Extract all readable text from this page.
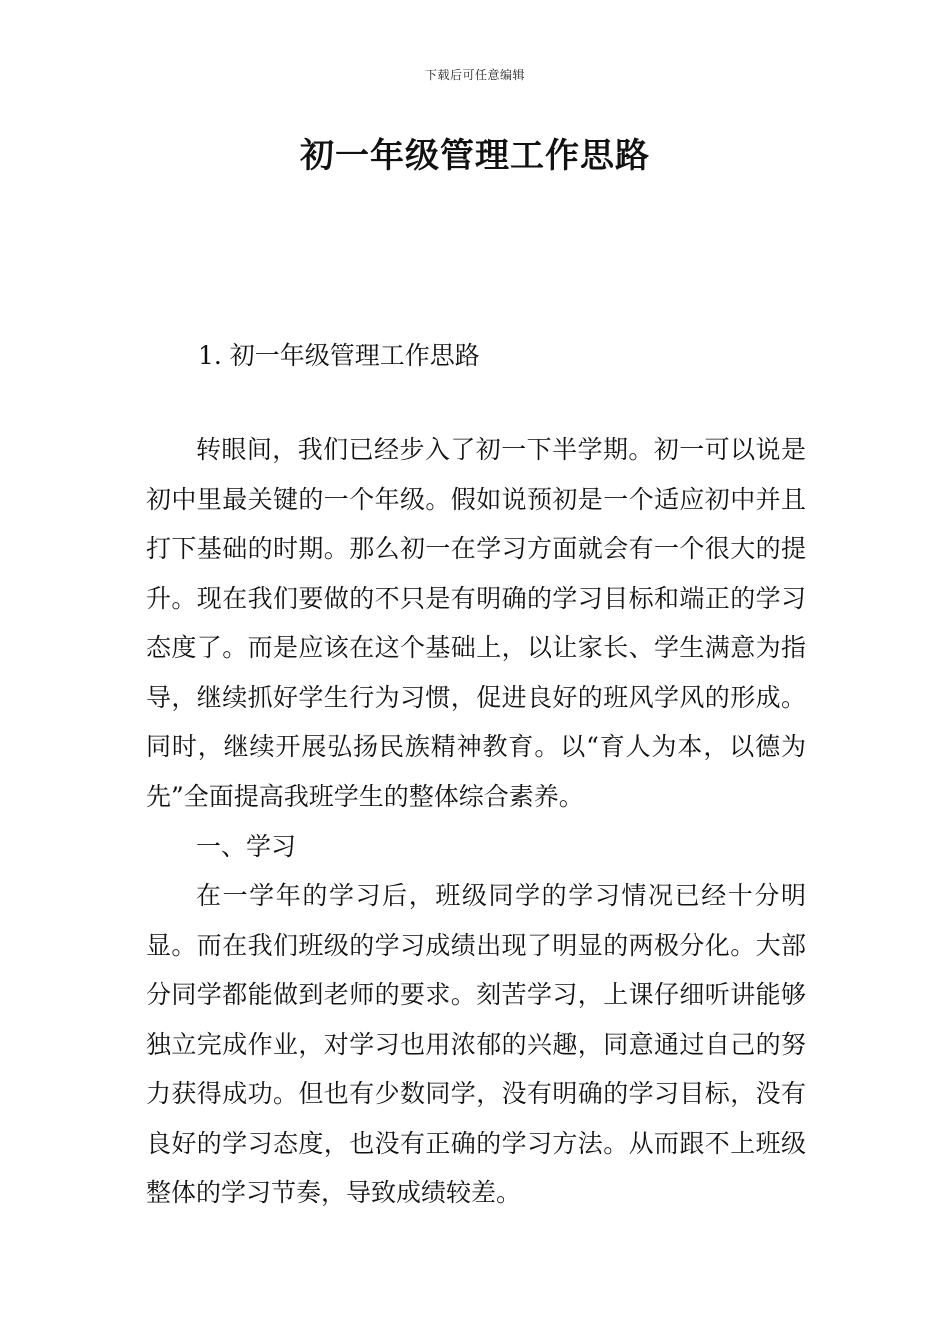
下载后可任意编辑
初一年级管理工作思路
1. 初一年级管理工作思路

转眼间，我们已经步入了初一下半学期。初一可以说是初中里最关键的一个年级。假如说预初是一个适应初中并且打下基础的时期。那么初一在学习方面就会有一个很大的提升。现在我们要做的不只是有明确的学习目标和端正的学习态度了。而是应该在这个基础上，以让家长、学生满意为指导，继续抓好学生行为习惯，促进良好的班风学风的形成。同时，继续开展弘扬民族精神教育。以“育人为本，以德为先”全面提高我班学生的整体综合素养。

一、学习

在一学年的学习后，班级同学的学习情况已经十分明显。而在我们班级的学习成绩出现了明显的两极分化。大部分同学都能做到老师的要求。刻苦学习，上课仔细听讲能够独立完成作业，对学习也用浓郁的兴趣，同意通过自己的努力获得成功。但也有少数同学，没有明确的学习目标，没有良好的学习态度，也没有正确的学习方法。从而跟不上班级整体的学习节奏，导致成绩较差。
